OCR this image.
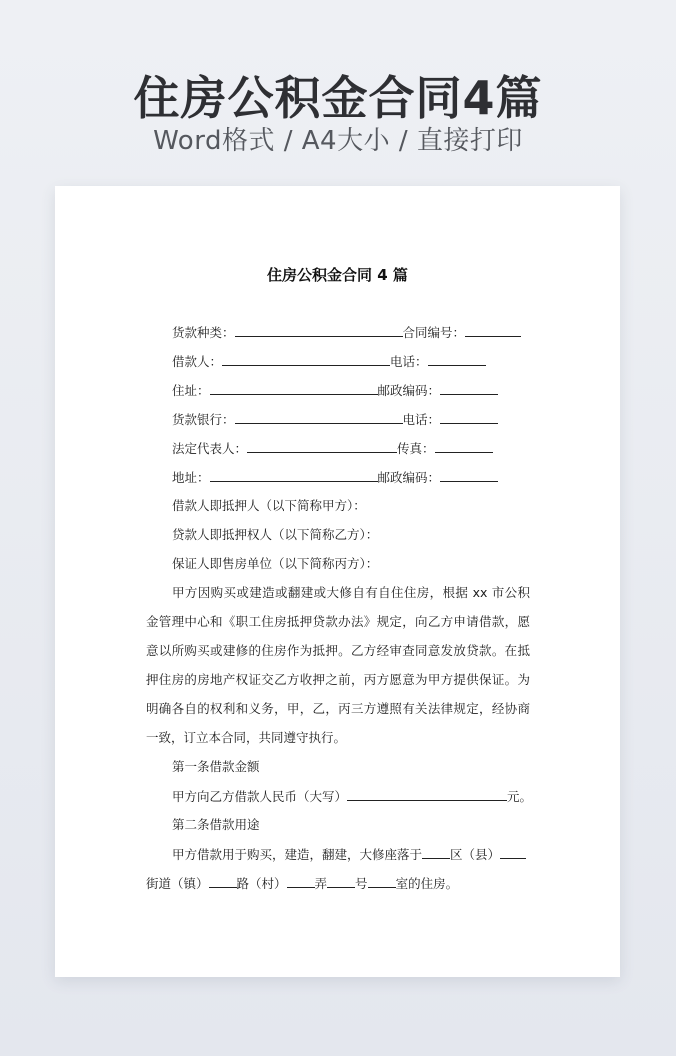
住房公积金合同4篇
Word格式 / A4大小 / 直接打印
住房公积金合同 4 篇
货款种类：	合同编号：
借款人：	电话：
住址：	邮政编码：
货款银行：	电话：
法定代表人：	传真：
地址：	邮政编码：
借款人即抵押人（以下简称甲方）：
贷款人即抵押权人（以下简称乙方）：
保证人即售房单位（以下简称丙方）：
甲方因购买或建造或翻建或大修自有自住住房，根据 xx 市公积
金管理中心和《职工住房抵押贷款办法》规定，向乙方申请借款，愿
意以所购买或建修的住房作为抵押。乙方经审查同意发放贷款。在抵
押住房的房地产权证交乙方收押之前，丙方愿意为甲方提供保证。为
明确各自的权利和义务，甲，乙，丙三方遵照有关法律规定，经协商
一致，订立本合同，共同遵守执行。
第一条借款金额
甲方向乙方借款人民币（大写）	元。
第二条借款用途
甲方借款用于购买，建造，翻建，大修座落于 区（县）
街道（镇） 路（村） 弄 号 室的住房。
